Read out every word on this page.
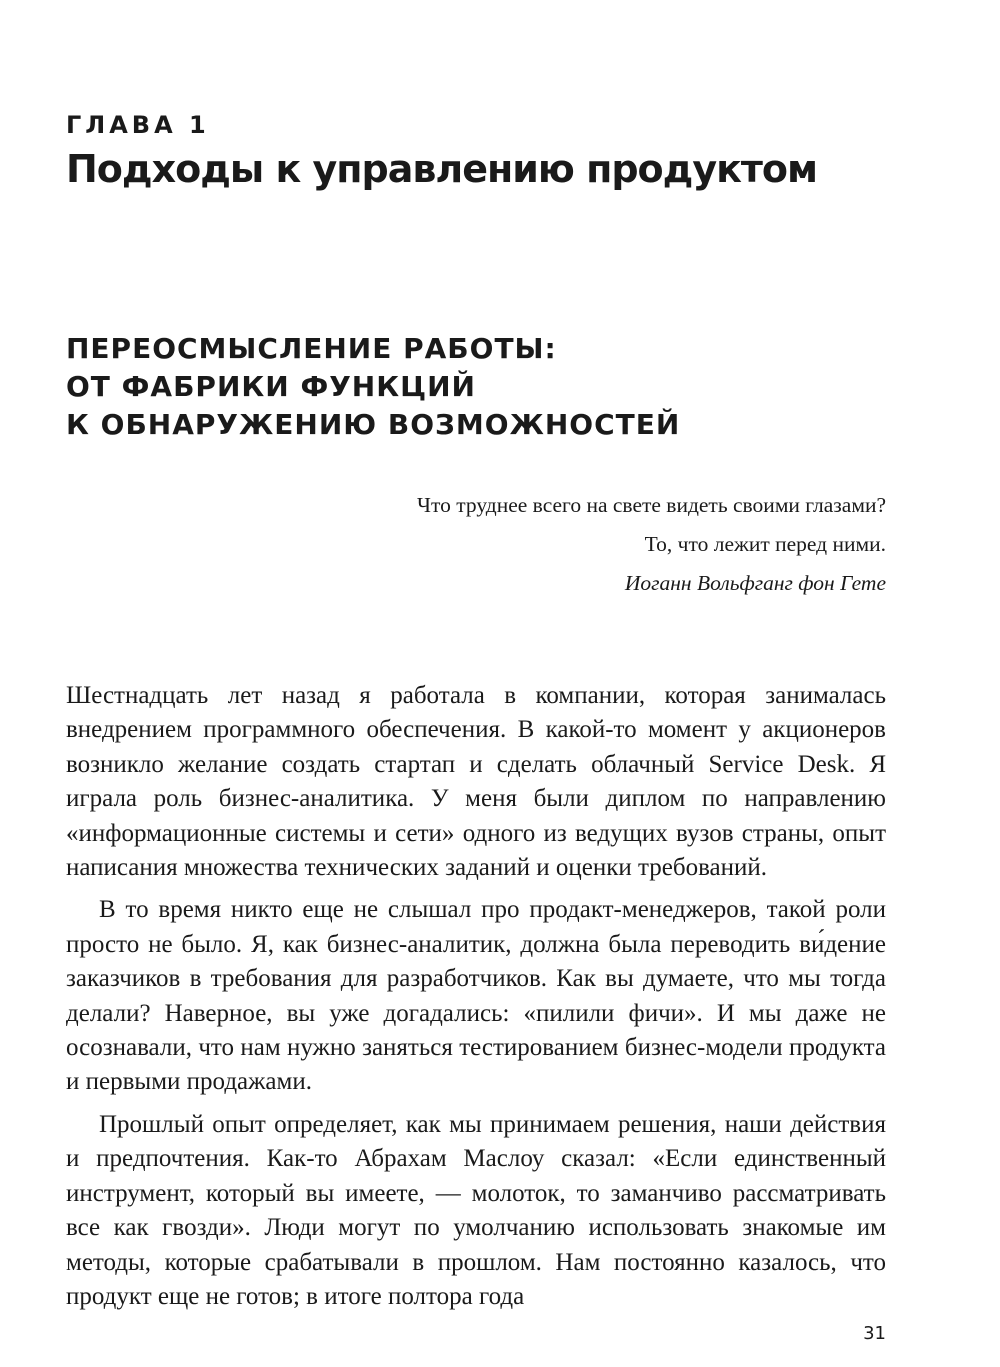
ГЛАВА 1
Подходы к управлению продуктом
ПЕРЕОСМЫСЛЕНИЕ РАБОТЫ:
ОТ ФАБРИКИ ФУНКЦИЙ
К ОБНАРУЖЕНИЮ ВОЗМОЖНОСТЕЙ
Что труднее всего на свете видеть своими глазами?
То, что лежит перед ними.
Иоганн Вольфганг фон Гете

Шестнадцать лет назад я работала в компании, которая занималась внедрением программного обеспечения. В какой-то момент у акционеров возникло желание создать стартап и сделать облачный Service Desk. Я играла роль бизнес-аналитика. У меня были диплом по направлению «информационные системы и сети» одного из ведущих вузов страны, опыт написания множества технических заданий и оценки требований.

В то время никто еще не слышал про продакт-менеджеров, такой роли просто не было. Я, как бизнес-аналитик, должна была переводить ви́дение заказчиков в требования для разработчиков. Как вы думаете, что мы тогда делали? Наверное, вы уже догадались: «пилили фичи». И мы даже не осознавали, что нам нужно заняться тестированием бизнес-модели продукта и первыми продажами.

Прошлый опыт определяет, как мы принимаем решения, наши действия и предпочтения. Как-то Абрахам Маслоу сказал: «Если единственный инструмент, который вы имеете, — молоток, то заманчиво рассматривать все как гвозди». Люди могут по умолчанию использовать знакомые им методы, которые срабатывали в прошлом. Нам постоянно казалось, что продукт еще не готов; в итоге полтора года

31
